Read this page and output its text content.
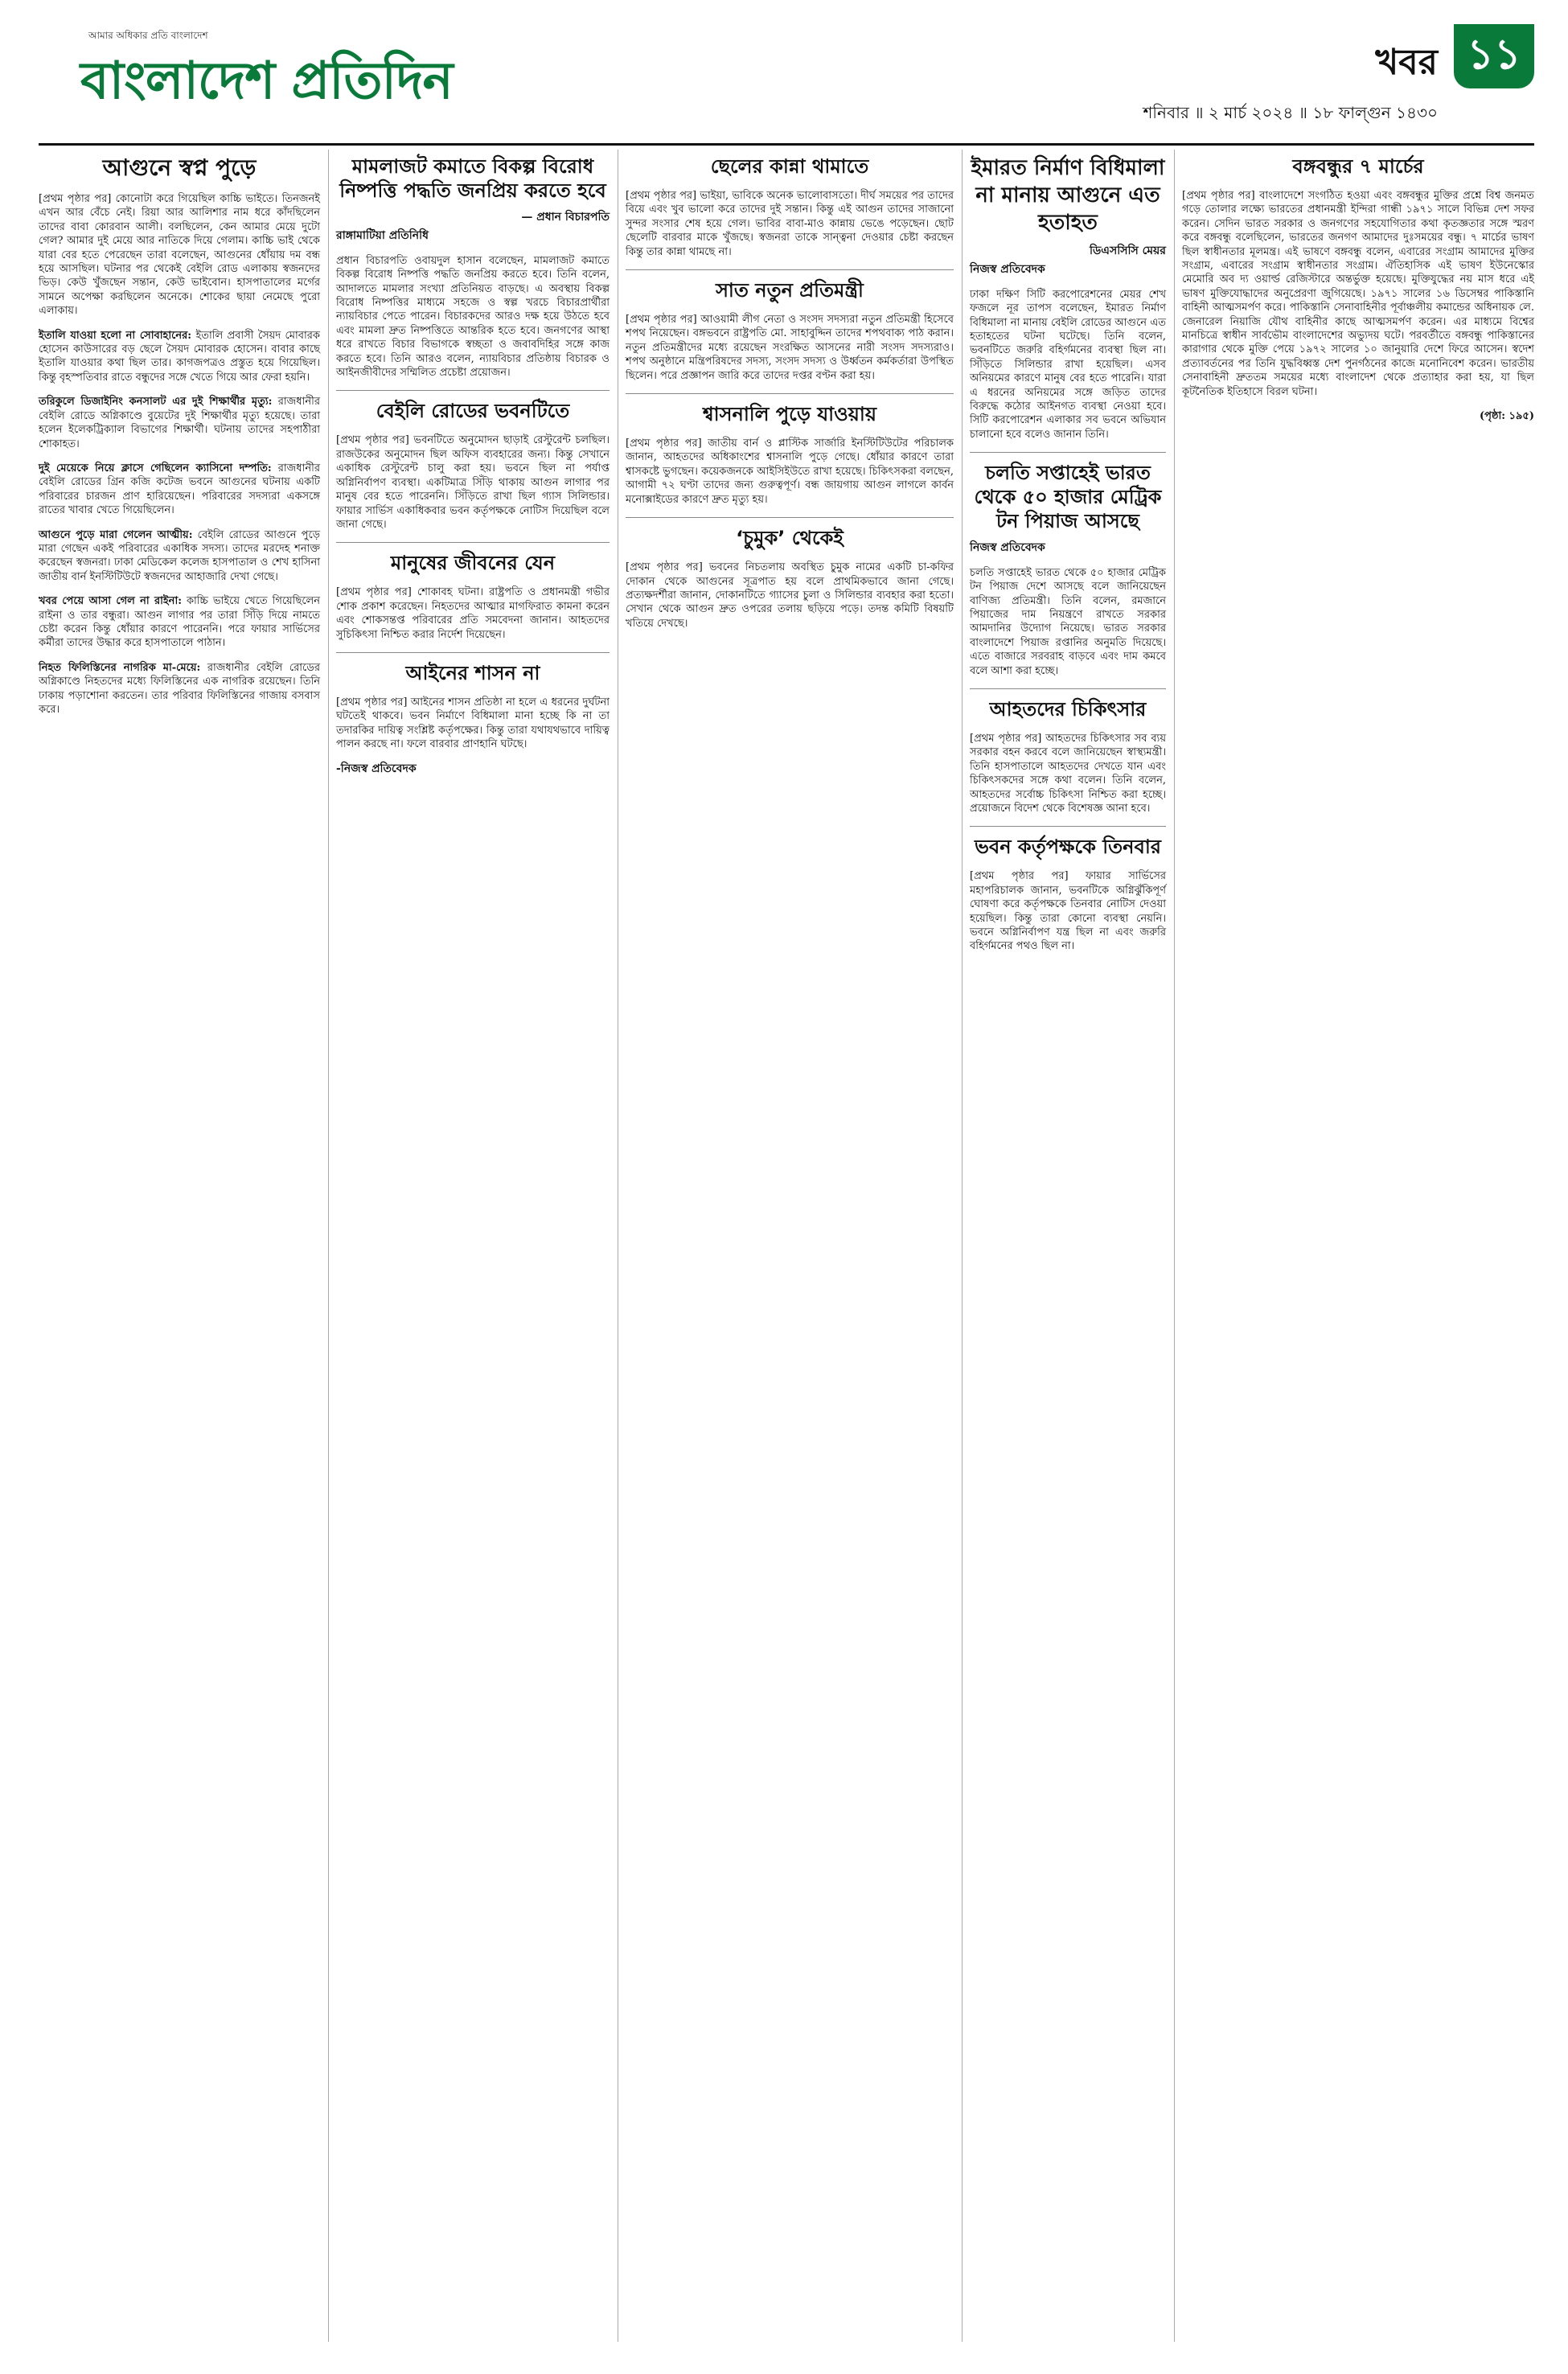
আমার অধিকার প্রতি বাংলাদেশ
বাংলাদেশ প্রতিদিন	খবর ১১
শনিবার ॥ ২ মার্চ ২০২৪ ॥ ১৮ ফাল্গুন ১৪৩০
আগুনে স্বপ্ন পুড়ে

[প্রথম পৃষ্ঠার পর] কোনোটা করে গিয়েছিল কাচ্চি ভাইতে। তিনজনই এখন আর বেঁচে নেই। রিয়া আর আলিশার নাম ধরে কাঁদছিলেন তাদের বাবা কোরবান আলী। বলছিলেন, কেন আমার মেয়ে দুটো গেল? আমার দুই মেয়ে আর নাতিকে দিয়ে গেলাম। কাচ্চি ভাই থেকে যারা বের হতে পেরেছেন তারা বলেছেন, আগুনের ধোঁয়ায় দম বন্ধ হয়ে আসছিল। ঘটনার পর থেকেই বেইলি রোড এলাকায় স্বজনদের ভিড়। কেউ খুঁজছেন সন্তান, কেউ ভাইবোন। হাসপাতালের মর্গের সামনে অপেক্ষা করছিলেন অনেকে। শোকের ছায়া নেমেছে পুরো এলাকায়।

ইতালি যাওয়া হলো না সোবাহানের: ইতালি প্রবাসী সৈয়দ মোবারক হোসেন কাউসারের বড় ছেলে সৈয়দ মোবারক হোসেন। বাবার কাছে ইতালি যাওয়ার কথা ছিল তার। কাগজপত্রও প্রস্তুত হয়ে গিয়েছিল। কিন্তু বৃহস্পতিবার রাতে বন্ধুদের সঙ্গে খেতে গিয়ে আর ফেরা হয়নি।

তরিকুলে ডিজাইনিং কনসালট এর দুই শিক্ষার্থীর মৃত্যু: রাজধানীর বেইলি রোডে অগ্নিকাণ্ডে বুয়েটের দুই শিক্ষার্থীর মৃত্যু হয়েছে। তারা হলেন ইলেকট্রিক্যাল বিভাগের শিক্ষার্থী। ঘটনায় তাদের সহপাঠীরা শোকাহত।

দুই মেয়েকে নিয়ে ক্লাসে গেছিলেন ক্যাসিনো দম্পতি: রাজধানীর বেইলি রোডের গ্রিন কজি কটেজ ভবনে আগুনের ঘটনায় একটি পরিবারের চারজন প্রাণ হারিয়েছেন। পরিবারের সদস্যরা একসঙ্গে রাতের খাবার খেতে গিয়েছিলেন।

আগুনে পুড়ে মারা গেলেন আত্মীয়: বেইলি রোডের আগুনে পুড়ে মারা গেছেন একই পরিবারের একাধিক সদস্য। তাদের মরদেহ শনাক্ত করেছেন স্বজনরা। ঢাকা মেডিকেল কলেজ হাসপাতাল ও শেখ হাসিনা জাতীয় বার্ন ইনস্টিটিউটে স্বজনদের আহাজারি দেখা গেছে।

খবর পেয়ে আসা গেল না রাইনা: কাচ্চি ভাইয়ে খেতে গিয়েছিলেন রাইনা ও তার বন্ধুরা। আগুন লাগার পর তারা সিঁড়ি দিয়ে নামতে চেষ্টা করেন কিন্তু ধোঁয়ার কারণে পারেননি। পরে ফায়ার সার্ভিসের কর্মীরা তাদের উদ্ধার করে হাসপাতালে পাঠান।

নিহত ফিলিস্তিনের নাগরিক মা-মেয়ে: রাজধানীর বেইলি রোডের অগ্নিকাণ্ডে নিহতদের মধ্যে ফিলিস্তিনের এক নাগরিক রয়েছেন। তিনি ঢাকায় পড়াশোনা করতেন। তার পরিবার ফিলিস্তিনের গাজায় বসবাস করে।

মামলাজট কমাতে বিকল্প বিরোধ নিষ্পত্তি পদ্ধতি জনপ্রিয় করতে হবে
— প্রধান বিচারপতি
রাঙ্গামাটিয়া প্রতিনিধি

প্রধান বিচারপতি ওবায়দুল হাসান বলেছেন, মামলাজট কমাতে বিকল্প বিরোধ নিষ্পত্তি পদ্ধতি জনপ্রিয় করতে হবে। তিনি বলেন, আদালতে মামলার সংখ্যা প্রতিনিয়ত বাড়ছে। এ অবস্থায় বিকল্প বিরোধ নিষ্পত্তির মাধ্যমে সহজে ও স্বল্প খরচে বিচারপ্রার্থীরা ন্যায়বিচার পেতে পারেন। বিচারকদের আরও দক্ষ হয়ে উঠতে হবে এবং মামলা দ্রুত নিষ্পত্তিতে আন্তরিক হতে হবে। জনগণের আস্থা ধরে রাখতে বিচার বিভাগকে স্বচ্ছতা ও জবাবদিহির সঙ্গে কাজ করতে হবে। তিনি আরও বলেন, ন্যায়বিচার প্রতিষ্ঠায় বিচারক ও আইনজীবীদের সম্মিলিত প্রচেষ্টা প্রয়োজন।

বেইলি রোডের ভবনটিতে

[প্রথম পৃষ্ঠার পর] ভবনটিতে অনুমোদন ছাড়াই রেস্টুরেন্ট চলছিল। রাজউকের অনুমোদন ছিল অফিস ব্যবহারের জন্য। কিন্তু সেখানে একাধিক রেস্টুরেন্ট চালু করা হয়। ভবনে ছিল না পর্যাপ্ত অগ্নিনির্বাপণ ব্যবস্থা। একটিমাত্র সিঁড়ি থাকায় আগুন লাগার পর মানুষ বের হতে পারেননি। সিঁড়িতে রাখা ছিল গ্যাস সিলিন্ডার। ফায়ার সার্ভিস একাধিকবার ভবন কর্তৃপক্ষকে নোটিস দিয়েছিল বলে জানা গেছে।

মানুষের জীবনের যেন

[প্রথম পৃষ্ঠার পর] শোকাবহ ঘটনা। রাষ্ট্রপতি ও প্রধানমন্ত্রী গভীর শোক প্রকাশ করেছেন। নিহতদের আত্মার মাগফিরাত কামনা করেন এবং শোকসন্তপ্ত পরিবারের প্রতি সমবেদনা জানান। আহতদের সুচিকিৎসা নিশ্চিত করার নির্দেশ দিয়েছেন।

আইনের শাসন না

[প্রথম পৃষ্ঠার পর] আইনের শাসন প্রতিষ্ঠা না হলে এ ধরনের দুর্ঘটনা ঘটতেই থাকবে। ভবন নির্মাণে বিধিমালা মানা হচ্ছে কি না তা তদারকির দায়িত্ব সংশ্লিষ্ট কর্তৃপক্ষের। কিন্তু তারা যথাযথভাবে দায়িত্ব পালন করছে না। ফলে বারবার প্রাণহানি ঘটছে।

-নিজস্ব প্রতিবেদক
ছেলের কান্না থামাতে

[প্রথম পৃষ্ঠার পর] ভাইয়া, ভাবিকে অনেক ভালোবাসতো। দীর্ঘ সময়ের পর তাদের বিয়ে এবং খুব ভালো করে তাদের দুই সন্তান। কিন্তু এই আগুন তাদের সাজানো সুন্দর সংসার শেষ হয়ে গেল। ভাবির বাবা-মাও কান্নায় ভেঙে পড়েছেন। ছোট ছেলেটি বারবার মাকে খুঁজছে। স্বজনরা তাকে সান্ত্বনা দেওয়ার চেষ্টা করছেন কিন্তু তার কান্না থামছে না।

সাত নতুন প্রতিমন্ত্রী

[প্রথম পৃষ্ঠার পর] আওয়ামী লীগ নেতা ও সংসদ সদস্যরা নতুন প্রতিমন্ত্রী হিসেবে শপথ নিয়েছেন। বঙ্গভবনে রাষ্ট্রপতি মো. সাহাবুদ্দিন তাদের শপথবাক্য পাঠ করান। নতুন প্রতিমন্ত্রীদের মধ্যে রয়েছেন সংরক্ষিত আসনের নারী সংসদ সদস্যরাও। শপথ অনুষ্ঠানে মন্ত্রিপরিষদের সদস্য, সংসদ সদস্য ও উর্ধ্বতন কর্মকর্তারা উপস্থিত ছিলেন। পরে প্রজ্ঞাপন জারি করে তাদের দপ্তর বণ্টন করা হয়।

শ্বাসনালি পুড়ে যাওয়ায়

[প্রথম পৃষ্ঠার পর] জাতীয় বার্ন ও প্লাস্টিক সার্জারি ইনস্টিটিউটের পরিচালক জানান, আহতদের অধিকাংশের শ্বাসনালি পুড়ে গেছে। ধোঁয়ার কারণে তারা শ্বাসকষ্টে ভুগছেন। কয়েকজনকে আইসিইউতে রাখা হয়েছে। চিকিৎসকরা বলছেন, আগামী ৭২ ঘণ্টা তাদের জন্য গুরুত্বপূর্ণ। বন্ধ জায়গায় আগুন লাগলে কার্বন মনোক্সাইডের কারণে দ্রুত মৃত্যু হয়।

‘চুমুক’ থেকেই

[প্রথম পৃষ্ঠার পর] ভবনের নিচতলায় অবস্থিত চুমুক নামের একটি চা-কফির দোকান থেকে আগুনের সূত্রপাত হয় বলে প্রাথমিকভাবে জানা গেছে। প্রত্যক্ষদর্শীরা জানান, দোকানটিতে গ্যাসের চুলা ও সিলিন্ডার ব্যবহার করা হতো। সেখান থেকে আগুন দ্রুত ওপরের তলায় ছড়িয়ে পড়ে। তদন্ত কমিটি বিষয়টি খতিয়ে দেখছে।

ইমারত নির্মাণ বিধিমালা না মানায় আগুনে এত হতাহত
ডিএসসিসি মেয়র
নিজস্ব প্রতিবেদক

ঢাকা দক্ষিণ সিটি করপোরেশনের মেয়র শেখ ফজলে নূর তাপস বলেছেন, ইমারত নির্মাণ বিধিমালা না মানায় বেইলি রোডের আগুনে এত হতাহতের ঘটনা ঘটেছে। তিনি বলেন, ভবনটিতে জরুরি বহির্গমনের ব্যবস্থা ছিল না। সিঁড়িতে সিলিন্ডার রাখা হয়েছিল। এসব অনিয়মের কারণে মানুষ বের হতে পারেনি। যারা এ ধরনের অনিয়মের সঙ্গে জড়িত তাদের বিরুদ্ধে কঠোর আইনগত ব্যবস্থা নেওয়া হবে। সিটি করপোরেশন এলাকার সব ভবনে অভিযান চালানো হবে বলেও জানান তিনি।

চলতি সপ্তাহেই ভারত থেকে ৫০ হাজার মেট্রিক টন পিয়াজ আসছে
নিজস্ব প্রতিবেদক

চলতি সপ্তাহেই ভারত থেকে ৫০ হাজার মেট্রিক টন পিয়াজ দেশে আসছে বলে জানিয়েছেন বাণিজ্য প্রতিমন্ত্রী। তিনি বলেন, রমজানে পিয়াজের দাম নিয়ন্ত্রণে রাখতে সরকার আমদানির উদ্যোগ নিয়েছে। ভারত সরকার বাংলাদেশে পিয়াজ রপ্তানির অনুমতি দিয়েছে। এতে বাজারে সরবরাহ বাড়বে এবং দাম কমবে বলে আশা করা হচ্ছে।

আহতদের চিকিৎসার

[প্রথম পৃষ্ঠার পর] আহতদের চিকিৎসার সব ব্যয় সরকার বহন করবে বলে জানিয়েছেন স্বাস্থ্যমন্ত্রী। তিনি হাসপাতালে আহতদের দেখতে যান এবং চিকিৎসকদের সঙ্গে কথা বলেন। তিনি বলেন, আহতদের সর্বোচ্চ চিকিৎসা নিশ্চিত করা হচ্ছে। প্রয়োজনে বিদেশ থেকে বিশেষজ্ঞ আনা হবে।

ভবন কর্তৃপক্ষকে তিনবার

[প্রথম পৃষ্ঠার পর] ফায়ার সার্ভিসের মহাপরিচালক জানান, ভবনটিকে অগ্নিঝুঁকিপূর্ণ ঘোষণা করে কর্তৃপক্ষকে তিনবার নোটিস দেওয়া হয়েছিল। কিন্তু তারা কোনো ব্যবস্থা নেয়নি। ভবনে অগ্নিনির্বাপণ যন্ত্র ছিল না এবং জরুরি বহির্গমনের পথও ছিল না।

বঙ্গবন্ধুর ৭ মার্চের

[প্রথম পৃষ্ঠার পর] বাংলাদেশে সংগঠিত হওয়া এবং বঙ্গবন্ধুর মুক্তির প্রশ্নে বিশ্ব জনমত গড়ে তোলার লক্ষ্যে ভারতের প্রধানমন্ত্রী ইন্দিরা গান্ধী ১৯৭১ সালে বিভিন্ন দেশ সফর করেন। সেদিন ভারত সরকার ও জনগণের সহযোগিতার কথা কৃতজ্ঞতার সঙ্গে স্মরণ করে বঙ্গবন্ধু বলেছিলেন, ভারতের জনগণ আমাদের দুঃসময়ের বন্ধু। ৭ মার্চের ভাষণ ছিল স্বাধীনতার মূলমন্ত্র। এই ভাষণে বঙ্গবন্ধু বলেন, এবারের সংগ্রাম আমাদের মুক্তির সংগ্রাম, এবারের সংগ্রাম স্বাধীনতার সংগ্রাম। ঐতিহাসিক এই ভাষণ ইউনেস্কোর মেমোরি অব দ্য ওয়ার্ল্ড রেজিস্টারে অন্তর্ভুক্ত হয়েছে। মুক্তিযুদ্ধের নয় মাস ধরে এই ভাষণ মুক্তিযোদ্ধাদের অনুপ্রেরণা জুগিয়েছে। ১৯৭১ সালের ১৬ ডিসেম্বর পাকিস্তানি বাহিনী আত্মসমর্পণ করে। পাকিস্তানি সেনাবাহিনীর পূর্বাঞ্চলীয় কমান্ডের অধিনায়ক লে. জেনারেল নিয়াজি যৌথ বাহিনীর কাছে আত্মসমর্পণ করেন। এর মাধ্যমে বিশ্বের মানচিত্রে স্বাধীন সার্বভৌম বাংলাদেশের অভ্যুদয় ঘটে। পরবর্তীতে বঙ্গবন্ধু পাকিস্তানের কারাগার থেকে মুক্তি পেয়ে ১৯৭২ সালের ১০ জানুয়ারি দেশে ফিরে আসেন। স্বদেশ প্রত্যাবর্তনের পর তিনি যুদ্ধবিধ্বস্ত দেশ পুনর্গঠনের কাজে মনোনিবেশ করেন। ভারতীয় সেনাবাহিনী দ্রুততম সময়ের মধ্যে বাংলাদেশ থেকে প্রত্যাহার করা হয়, যা ছিল কূটনৈতিক ইতিহাসে বিরল ঘটনা।

(পৃষ্ঠা: ১৯৫)
